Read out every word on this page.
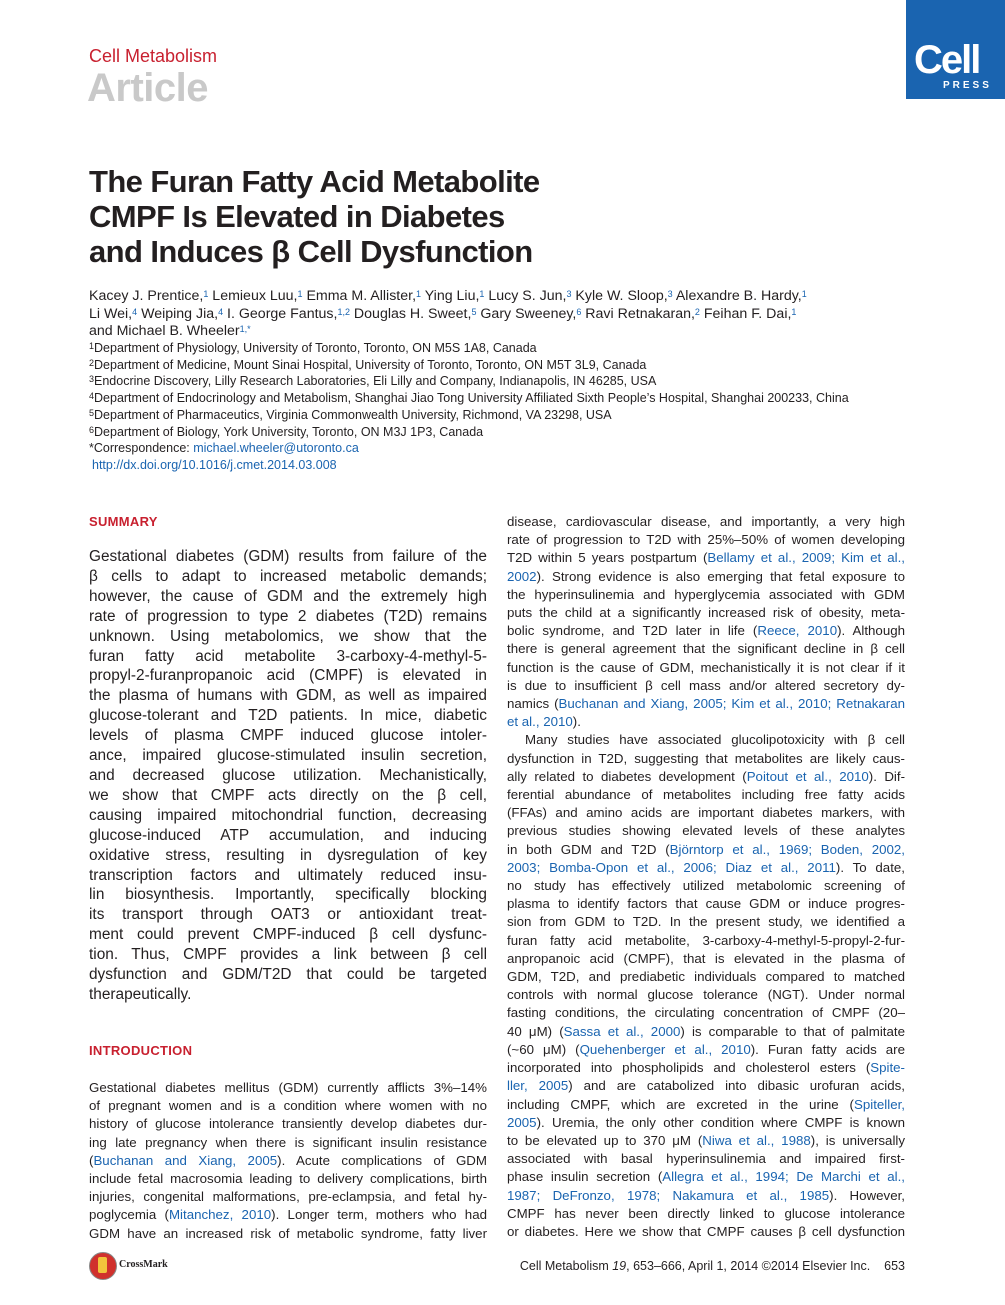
Cell Metabolism
Article
Cell
PRESS
The Furan Fatty Acid Metabolite
CMPF Is Elevated in Diabetes
and Induces β Cell Dysfunction
Kacey J. Prentice,$^1$ Lemieux Luu,$^1$ Emma M. Allister,$^1$ Ying Liu,$^1$ Lucy S. Jun,$^3$ Kyle W. Sloop,$^3$ Alexandre B. Hardy,$^1$
Li Wei,$^4$ Weiping Jia,$^4$ I. George Fantus,$^{1,2}$ Douglas H. Sweet,$^5$ Gary Sweeney,$^6$ Ravi Retnakaran,$^2$ Feihan F. Dai,$^1$
and Michael B. Wheeler$^{1,*}$
$^1$Department of Physiology, University of Toronto, Toronto, ON M5S 1A8, Canada
$^2$Department of Medicine, Mount Sinai Hospital, University of Toronto, Toronto, ON M5T 3L9, Canada
$^3$Endocrine Discovery, Lilly Research Laboratories, Eli Lilly and Company, Indianapolis, IN 46285, USA
$^4$Department of Endocrinology and Metabolism, Shanghai Jiao Tong University Affiliated Sixth People’s Hospital, Shanghai 200233, China
$^5$Department of Pharmaceutics, Virginia Commonwealth University, Richmond, VA 23298, USA
$^6$Department of Biology, York University, Toronto, ON M3J 1P3, Canada
*Correspondence: michael.wheeler@utoronto.ca
http://dx.doi.org/10.1016/j.cmet.2014.03.008
SUMMARY
Gestational diabetes (GDM) results from failure of the
β cells to adapt to increased metabolic demands;
however, the cause of GDM and the extremely high
rate of progression to type 2 diabetes (T2D) remains
unknown. Using metabolomics, we show that the
furan fatty acid metabolite 3-carboxy-4-methyl-5-
propyl-2-furanpropanoic acid (CMPF) is elevated in
the plasma of humans with GDM, as well as impaired
glucose-tolerant and T2D patients. In mice, diabetic
levels of plasma CMPF induced glucose intoler-
ance, impaired glucose-stimulated insulin secretion,
and decreased glucose utilization. Mechanistically,
we show that CMPF acts directly on the β cell,
causing impaired mitochondrial function, decreasing
glucose-induced ATP accumulation, and inducing
oxidative stress, resulting in dysregulation of key
transcription factors and ultimately reduced insu-
lin biosynthesis. Importantly, specifically blocking
its transport through OAT3 or antioxidant treat-
ment could prevent CMPF-induced β cell dysfunc-
tion. Thus, CMPF provides a link between β cell
dysfunction and GDM/T2D that could be targeted
therapeutically.
INTRODUCTION
Gestational diabetes mellitus (GDM) currently afflicts 3%–14%
of pregnant women and is a condition where women with no
history of glucose intolerance transiently develop diabetes dur-
ing late pregnancy when there is significant insulin resistance
(Buchanan and Xiang, 2005). Acute complications of GDM
include fetal macrosomia leading to delivery complications, birth
injuries, congenital malformations, pre-eclampsia, and fetal hy-
poglycemia (Mitanchez, 2010). Longer term, mothers who had
GDM have an increased risk of metabolic syndrome, fatty liver
disease, cardiovascular disease, and importantly, a very high
rate of progression to T2D with 25%–50% of women developing
T2D within 5 years postpartum (Bellamy et al., 2009; Kim et al.,
2002). Strong evidence is also emerging that fetal exposure to
the hyperinsulinemia and hyperglycemia associated with GDM
puts the child at a significantly increased risk of obesity, meta-
bolic syndrome, and T2D later in life (Reece, 2010). Although
there is general agreement that the significant decline in β cell
function is the cause of GDM, mechanistically it is not clear if it
is due to insufficient β cell mass and/or altered secretory dy-
namics (Buchanan and Xiang, 2005; Kim et al., 2010; Retnakaran
et al., 2010).
Many studies have associated glucolipotoxicity with β cell
dysfunction in T2D, suggesting that metabolites are likely caus-
ally related to diabetes development (Poitout et al., 2010). Dif-
ferential abundance of metabolites including free fatty acids
(FFAs) and amino acids are important diabetes markers, with
previous studies showing elevated levels of these analytes
in both GDM and T2D (Björntorp et al., 1969; Boden, 2002,
2003; Bomba-Opon et al., 2006; Diaz et al., 2011). To date,
no study has effectively utilized metabolomic screening of
plasma to identify factors that cause GDM or induce progres-
sion from GDM to T2D. In the present study, we identified a
furan fatty acid metabolite, 3-carboxy-4-methyl-5-propyl-2-fur-
anpropanoic acid (CMPF), that is elevated in the plasma of
GDM, T2D, and prediabetic individuals compared to matched
controls with normal glucose tolerance (NGT). Under normal
fasting conditions, the circulating concentration of CMPF (20–
40 μM) (Sassa et al., 2000) is comparable to that of palmitate
(~60 μM) (Quehenberger et al., 2010). Furan fatty acids are
incorporated into phospholipids and cholesterol esters (Spite-
ller, 2005) and are catabolized into dibasic urofuran acids,
including CMPF, which are excreted in the urine (Spiteller,
2005). Uremia, the only other condition where CMPF is known
to be elevated up to 370 μM (Niwa et al., 1988), is universally
associated with basal hyperinsulinemia and impaired first-
phase insulin secretion (Allegra et al., 1994; De Marchi et al.,
1987; DeFronzo, 1978; Nakamura et al., 1985). However,
CMPF has never been directly linked to glucose intolerance
or diabetes. Here we show that CMPF causes β cell dysfunction
CrossMark	Cell Metabolism 19, 653–666, April 1, 2014 ©2014 Elsevier Inc. 653
